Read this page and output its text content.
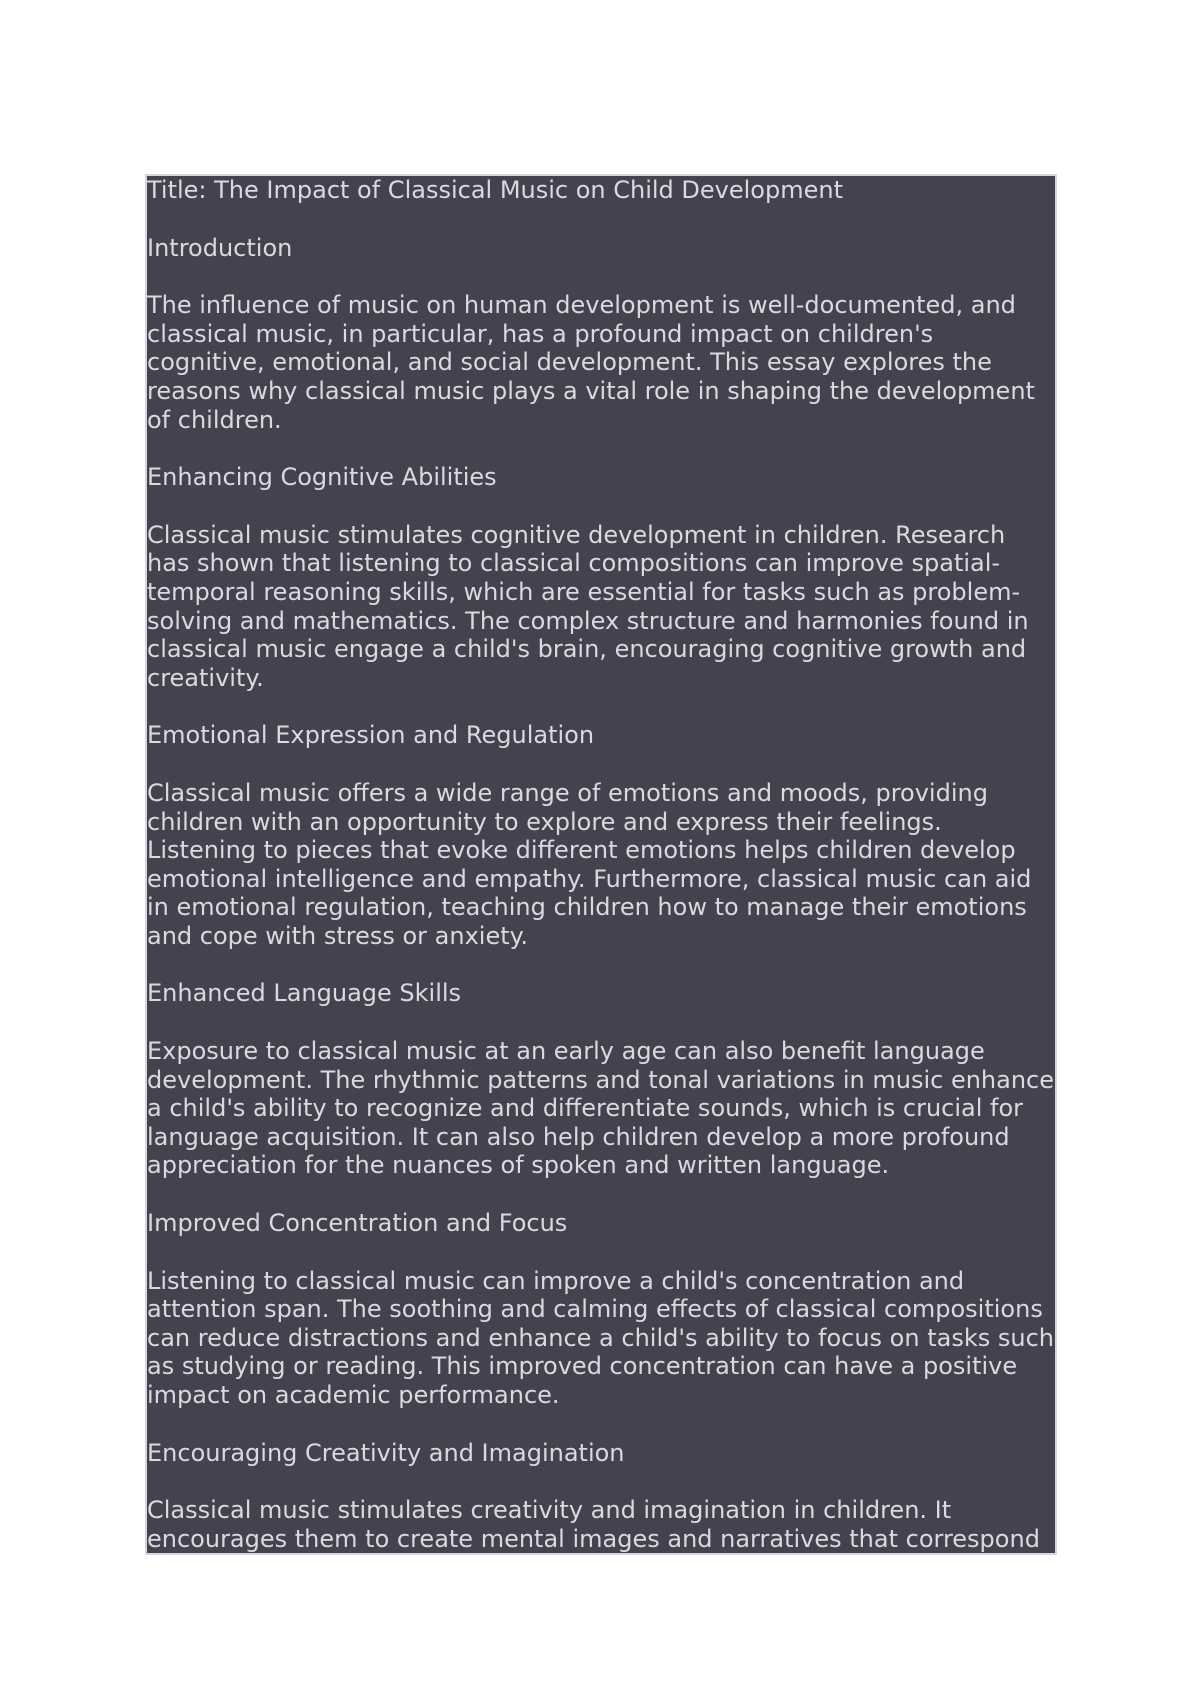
Title: The Impact of Classical Music on Child Development

Introduction

The influence of music on human development is well-documented, and classical music, in particular, has a profound impact on children's cognitive, emotional, and social development. This essay explores the reasons why classical music plays a vital role in shaping the development of children.

Enhancing Cognitive Abilities

Classical music stimulates cognitive development in children. Research has shown that listening to classical compositions can improve spatial-temporal reasoning skills, which are essential for tasks such as problem-solving and mathematics. The complex structure and harmonies found in classical music engage a child's brain, encouraging cognitive growth and creativity.

Emotional Expression and Regulation

Classical music offers a wide range of emotions and moods, providing children with an opportunity to explore and express their feelings. Listening to pieces that evoke different emotions helps children develop emotional intelligence and empathy. Furthermore, classical music can aid in emotional regulation, teaching children how to manage their emotions and cope with stress or anxiety.

Enhanced Language Skills

Exposure to classical music at an early age can also benefit language development. The rhythmic patterns and tonal variations in music enhance a child's ability to recognize and differentiate sounds, which is crucial for language acquisition. It can also help children develop a more profound appreciation for the nuances of spoken and written language.

Improved Concentration and Focus

Listening to classical music can improve a child's concentration and attention span. The soothing and calming effects of classical compositions can reduce distractions and enhance a child's ability to focus on tasks such as studying or reading. This improved concentration can have a positive impact on academic performance.

Encouraging Creativity and Imagination

Classical music stimulates creativity and imagination in children. It encourages them to create mental images and narratives that correspond
